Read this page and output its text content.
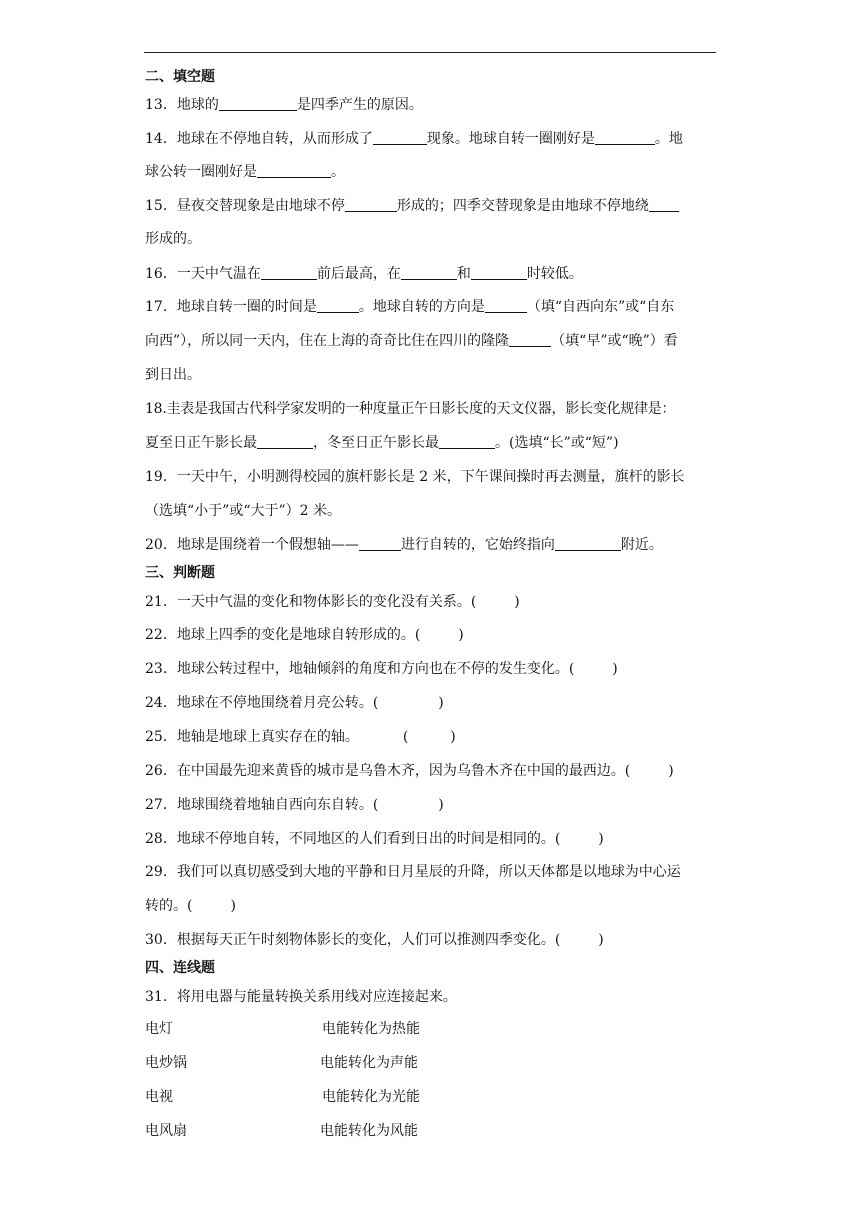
二、填空题
13．地球的	是四季产生的原因。
14．地球在不停地自转，从而形成了	现象。地球自转一圈刚好是	。地
球公转一圈刚好是	。
15．昼夜交替现象是由地球不停	形成的；四季交替现象是由地球不停地绕
形成的。
16．一天中气温在	前后最高，在	和	时较低。
17．地球自转一圈的时间是	。地球自转的方向是	（填“自西向东”或“自东
向西”），所以同一天内，住在上海的奇奇比住在四川的隆隆	（填“早”或“晚”）看
到日出。
18.圭表是我国古代科学家发明的一种度量正午日影长度的天文仪器，影长变化规律是：
夏至日正午影长最	，冬至日正午影长最	。(选填“长”或“短”)
19．一天中午，小明测得校园的旗杆影长是 2 米，下午课间操时再去测量，旗杆的影长
（选填“小于”或“大于”）2 米。
20．地球是围绕着一个假想轴——	进行自转的，它始终指向	附近。
三、判断题
21．一天中气温的变化和物体影长的变化没有关系。(	)
22．地球上四季的变化是地球自转形成的。(	)
23．地球公转过程中，地轴倾斜的角度和方向也在不停的发生变化。(	)
24．地球在不停地围绕着月亮公转。(	)
25．地轴是地球上真实存在的轴。	(	)
26．在中国最先迎来黄昏的城市是乌鲁木齐，因为乌鲁木齐在中国的最西边。(	)
27．地球围绕着地轴自西向东自转。(	)
28．地球不停地自转，不同地区的人们看到日出的时间是相同的。(	)
29．我们可以真切感受到大地的平静和日月星辰的升降，所以天体都是以地球为中心运
转的。(	)
30．根据每天正午时刻物体影长的变化，人们可以推测四季变化。(	)
四、连线题
31．将用电器与能量转换关系用线对应连接起来。
电灯	电能转化为热能
电炒锅	电能转化为声能
电视	电能转化为光能
电风扇	电能转化为风能
